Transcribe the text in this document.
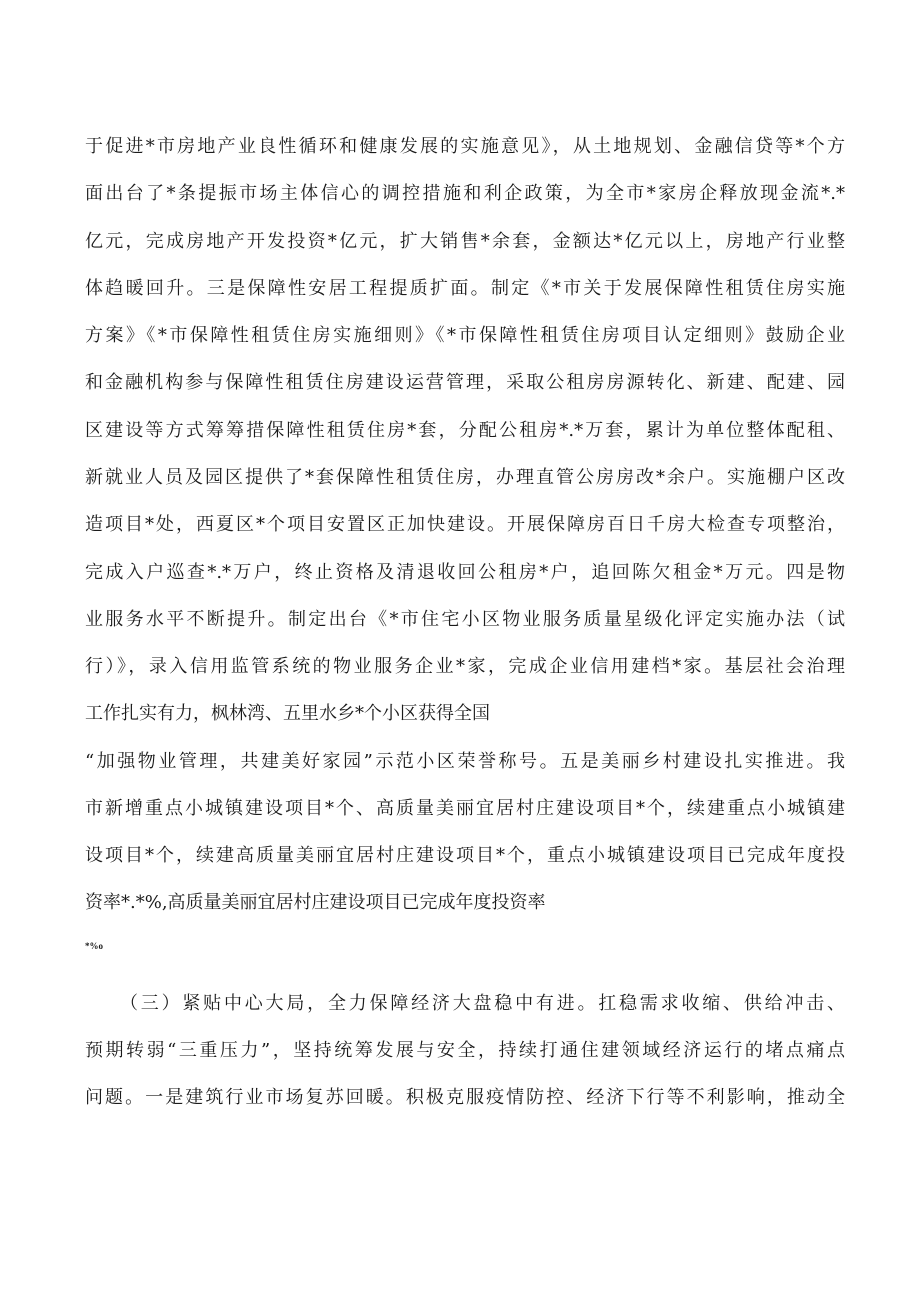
于促进*市房地产业良性循环和健康发展的实施意见》，从土地规划、金融信贷等*个方
面出台了*条提振市场主体信心的调控措施和利企政策，为全市*家房企释放现金流*.*
亿元，完成房地产开发投资*亿元，扩大销售*余套，金额达*亿元以上，房地产行业整
体趋暖回升。三是保障性安居工程提质扩面。制定《*市关于发展保障性租赁住房实施
方案》《*市保障性租赁住房实施细则》《*市保障性租赁住房项目认定细则》鼓励企业
和金融机构参与保障性租赁住房建设运营管理，采取公租房房源转化、新建、配建、园
区建设等方式筹筹措保障性租赁住房*套，分配公租房*.*万套，累计为单位整体配租、
新就业人员及园区提供了*套保障性租赁住房，办理直管公房房改*余户。实施棚户区改
造项目*处，西夏区*个项目安置区正加快建设。开展保障房百日千房大检查专项整治，
完成入户巡查*.*万户，终止资格及清退收回公租房*户，追回陈欠租金*万元。四是物
业服务水平不断提升。制定出台《*市住宅小区物业服务质量星级化评定实施办法（试
行）》，录入信用监管系统的物业服务企业*家，完成企业信用建档*家。基层社会治理
工作扎实有力，枫林湾、五里水乡*个小区获得全国
“加强物业管理，共建美好家园”示范小区荣誉称号。五是美丽乡村建设扎实推进。我
市新增重点小城镇建设项目*个、高质量美丽宜居村庄建设项目*个，续建重点小城镇建
设项目*个，续建高质量美丽宜居村庄建设项目*个，重点小城镇建设项目已完成年度投
资率*.*%,高质量美丽宜居村庄建设项目已完成年度投资率
*%o
（三）紧贴中心大局，全力保障经济大盘稳中有进。扛稳需求收缩、供给冲击、
预期转弱“三重压力”，坚持统筹发展与安全，持续打通住建领域经济运行的堵点痛点
问题。一是建筑行业市场复苏回暖。积极克服疫情防控、经济下行等不利影响，推动全
